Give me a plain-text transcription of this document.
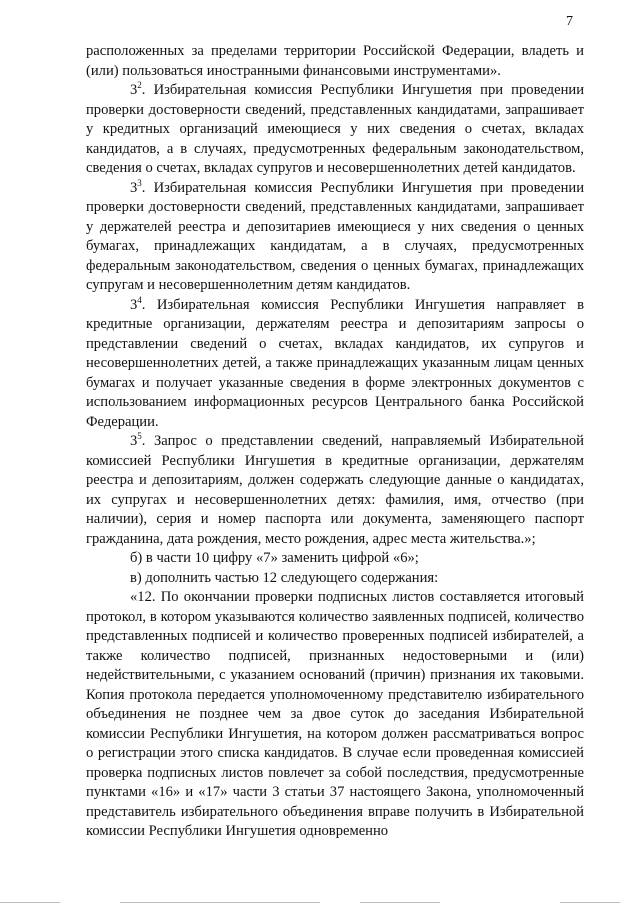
7

расположенных за пределами территории Российской Федерации, владеть и (или) пользоваться иностранными финансовыми инструментами».

$3^2$. Избирательная комиссия Республики Ингушетия при проведении проверки достоверности сведений, представленных кандидатами, запрашивает у кредитных организаций имеющиеся у них сведения о счетах, вкладах кандидатов, а в случаях, предусмотренных федеральным законодательством, сведения о счетах, вкладах супругов и несовершеннолетних детей кандидатов.

$3^3$. Избирательная комиссия Республики Ингушетия при проведении проверки достоверности сведений, представленных кандидатами, запрашивает у держателей реестра и депозитариев имеющиеся у них сведения о ценных бумагах, принадлежащих кандидатам, а в случаях, предусмотренных федеральным законодательством, сведения о ценных бумагах, принадлежащих супругам и несовершеннолетним детям кандидатов.

$3^4$. Избирательная комиссия Республики Ингушетия направляет в кредитные организации, держателям реестра и депозитариям запросы о представлении сведений о счетах, вкладах кандидатов, их супругов и несовершеннолетних детей, а также принадлежащих указанным лицам ценных бумагах и получает указанные сведения в форме электронных документов с использованием информационных ресурсов Центрального банка Российской Федерации.

$3^5$. Запрос о представлении сведений, направляемый Избирательной комиссией Республики Ингушетия в кредитные организации, держателям реестра и депозитариям, должен содержать следующие данные о кандидатах, их супругах и несовершеннолетних детях: фамилия, имя, отчество (при наличии), серия и номер паспорта или документа, заменяющего паспорт гражданина, дата рождения, место рождения, адрес места жительства.»;

б) в части 10 цифру «7» заменить цифрой «6»;

в) дополнить частью 12 следующего содержания:

«12. По окончании проверки подписных листов составляется итоговый протокол, в котором указываются количество заявленных подписей, количество представленных подписей и количество проверенных подписей избирателей, а также количество подписей, признанных недостоверными и (или) недействительными, с указанием оснований (причин) признания их таковыми. Копия протокола передается уполномоченному представителю избирательного объединения не позднее чем за двое суток до заседания Избирательной комиссии Республики Ингушетия, на котором должен рассматриваться вопрос о регистрации этого списка кандидатов. В случае если проведенная комиссией проверка подписных листов повлечет за собой последствия, предусмотренные пунктами «16» и «17» части 3 статьи 37 настоящего Закона, уполномоченный представитель избирательного объединения вправе получить в Избирательной комиссии Республики Ингушетия одновременно
